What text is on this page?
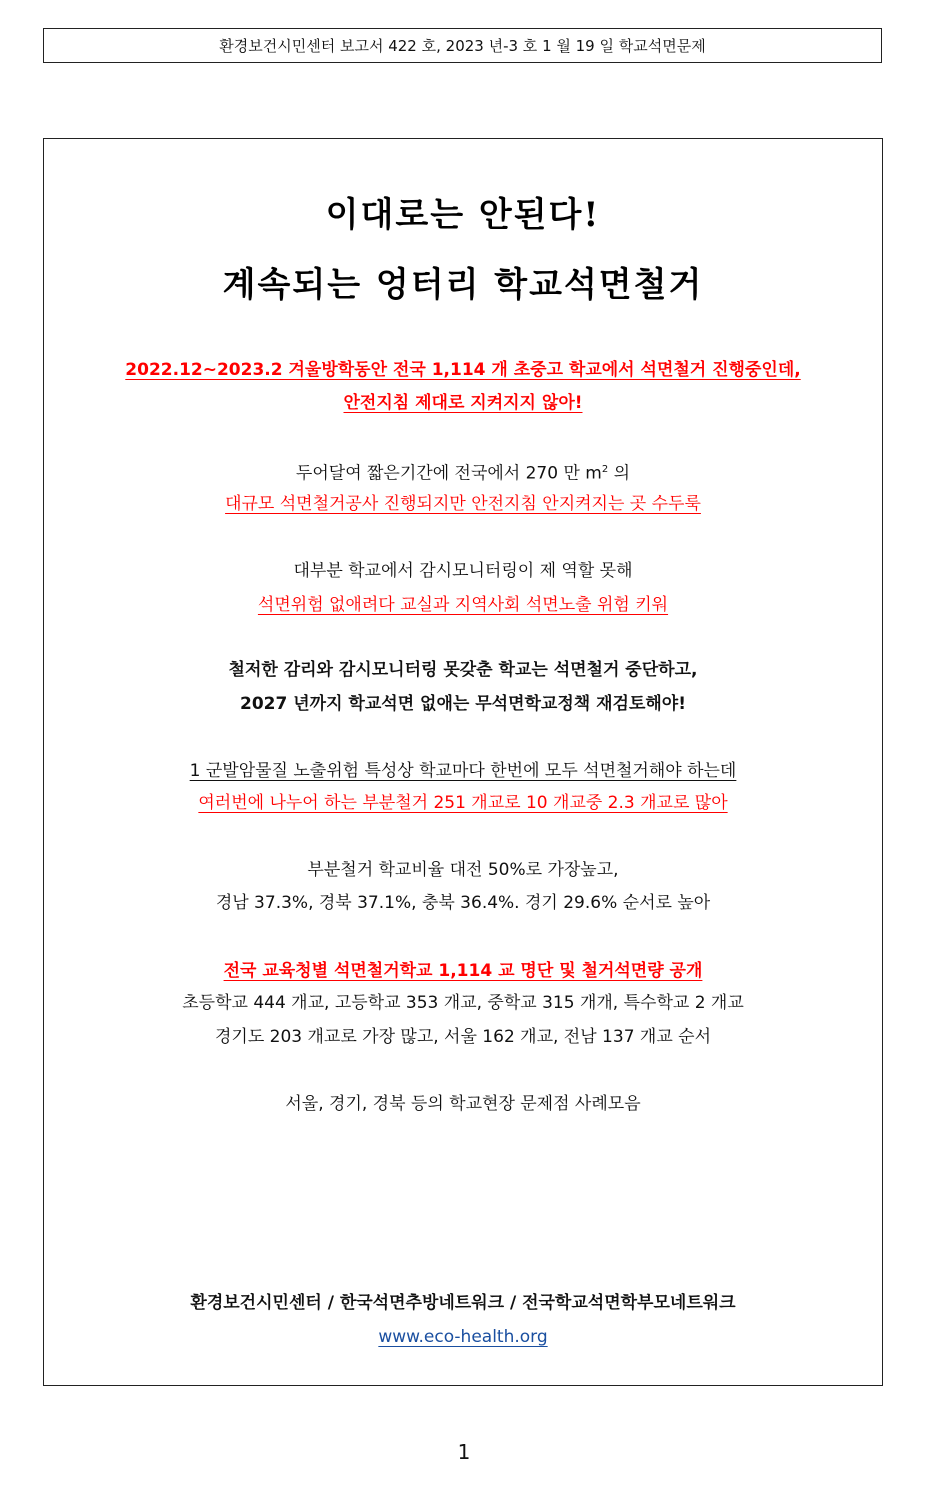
환경보건시민센터 보고서 422 호, 2023 년-3 호 1 월 19 일 학교석면문제
이대로는 안된다!
계속되는 엉터리 학교석면철거
2022.12~2023.2 겨울방학동안 전국 1,114 개 초중고 학교에서 석면철거 진행중인데,
안전지침 제대로 지켜지지 않아!
두어달여 짧은기간에 전국에서 270 만 $m^2$ 의
대규모 석면철거공사 진행되지만 안전지침 안지켜지는 곳 수두룩
대부분 학교에서 감시모니터링이 제 역할 못해
석면위험 없애려다 교실과 지역사회 석면노출 위험 키워
철저한 감리와 감시모니터링 못갖춘 학교는 석면철거 중단하고,
2027 년까지 학교석면 없애는 무석면학교정책 재검토해야!
1 군발암물질 노출위험 특성상 학교마다 한번에 모두 석면철거해야 하는데
여러번에 나누어 하는 부분철거 251 개교로 10 개교중 2.3 개교로 많아
부분철거 학교비율 대전 50%로 가장높고,
경남 37.3%, 경북 37.1%, 충북 36.4%. 경기 29.6% 순서로 높아
전국 교육청별 석면철거학교 1,114 교 명단 및 철거석면량 공개
초등학교 444 개교, 고등학교 353 개교, 중학교 315 개개, 특수학교 2 개교
경기도 203 개교로 가장 많고, 서울 162 개교, 전남 137 개교 순서
서울, 경기, 경북 등의 학교현장 문제점 사례모음
환경보건시민센터 / 한국석면추방네트워크 / 전국학교석면학부모네트워크
www.eco-health.org
1
